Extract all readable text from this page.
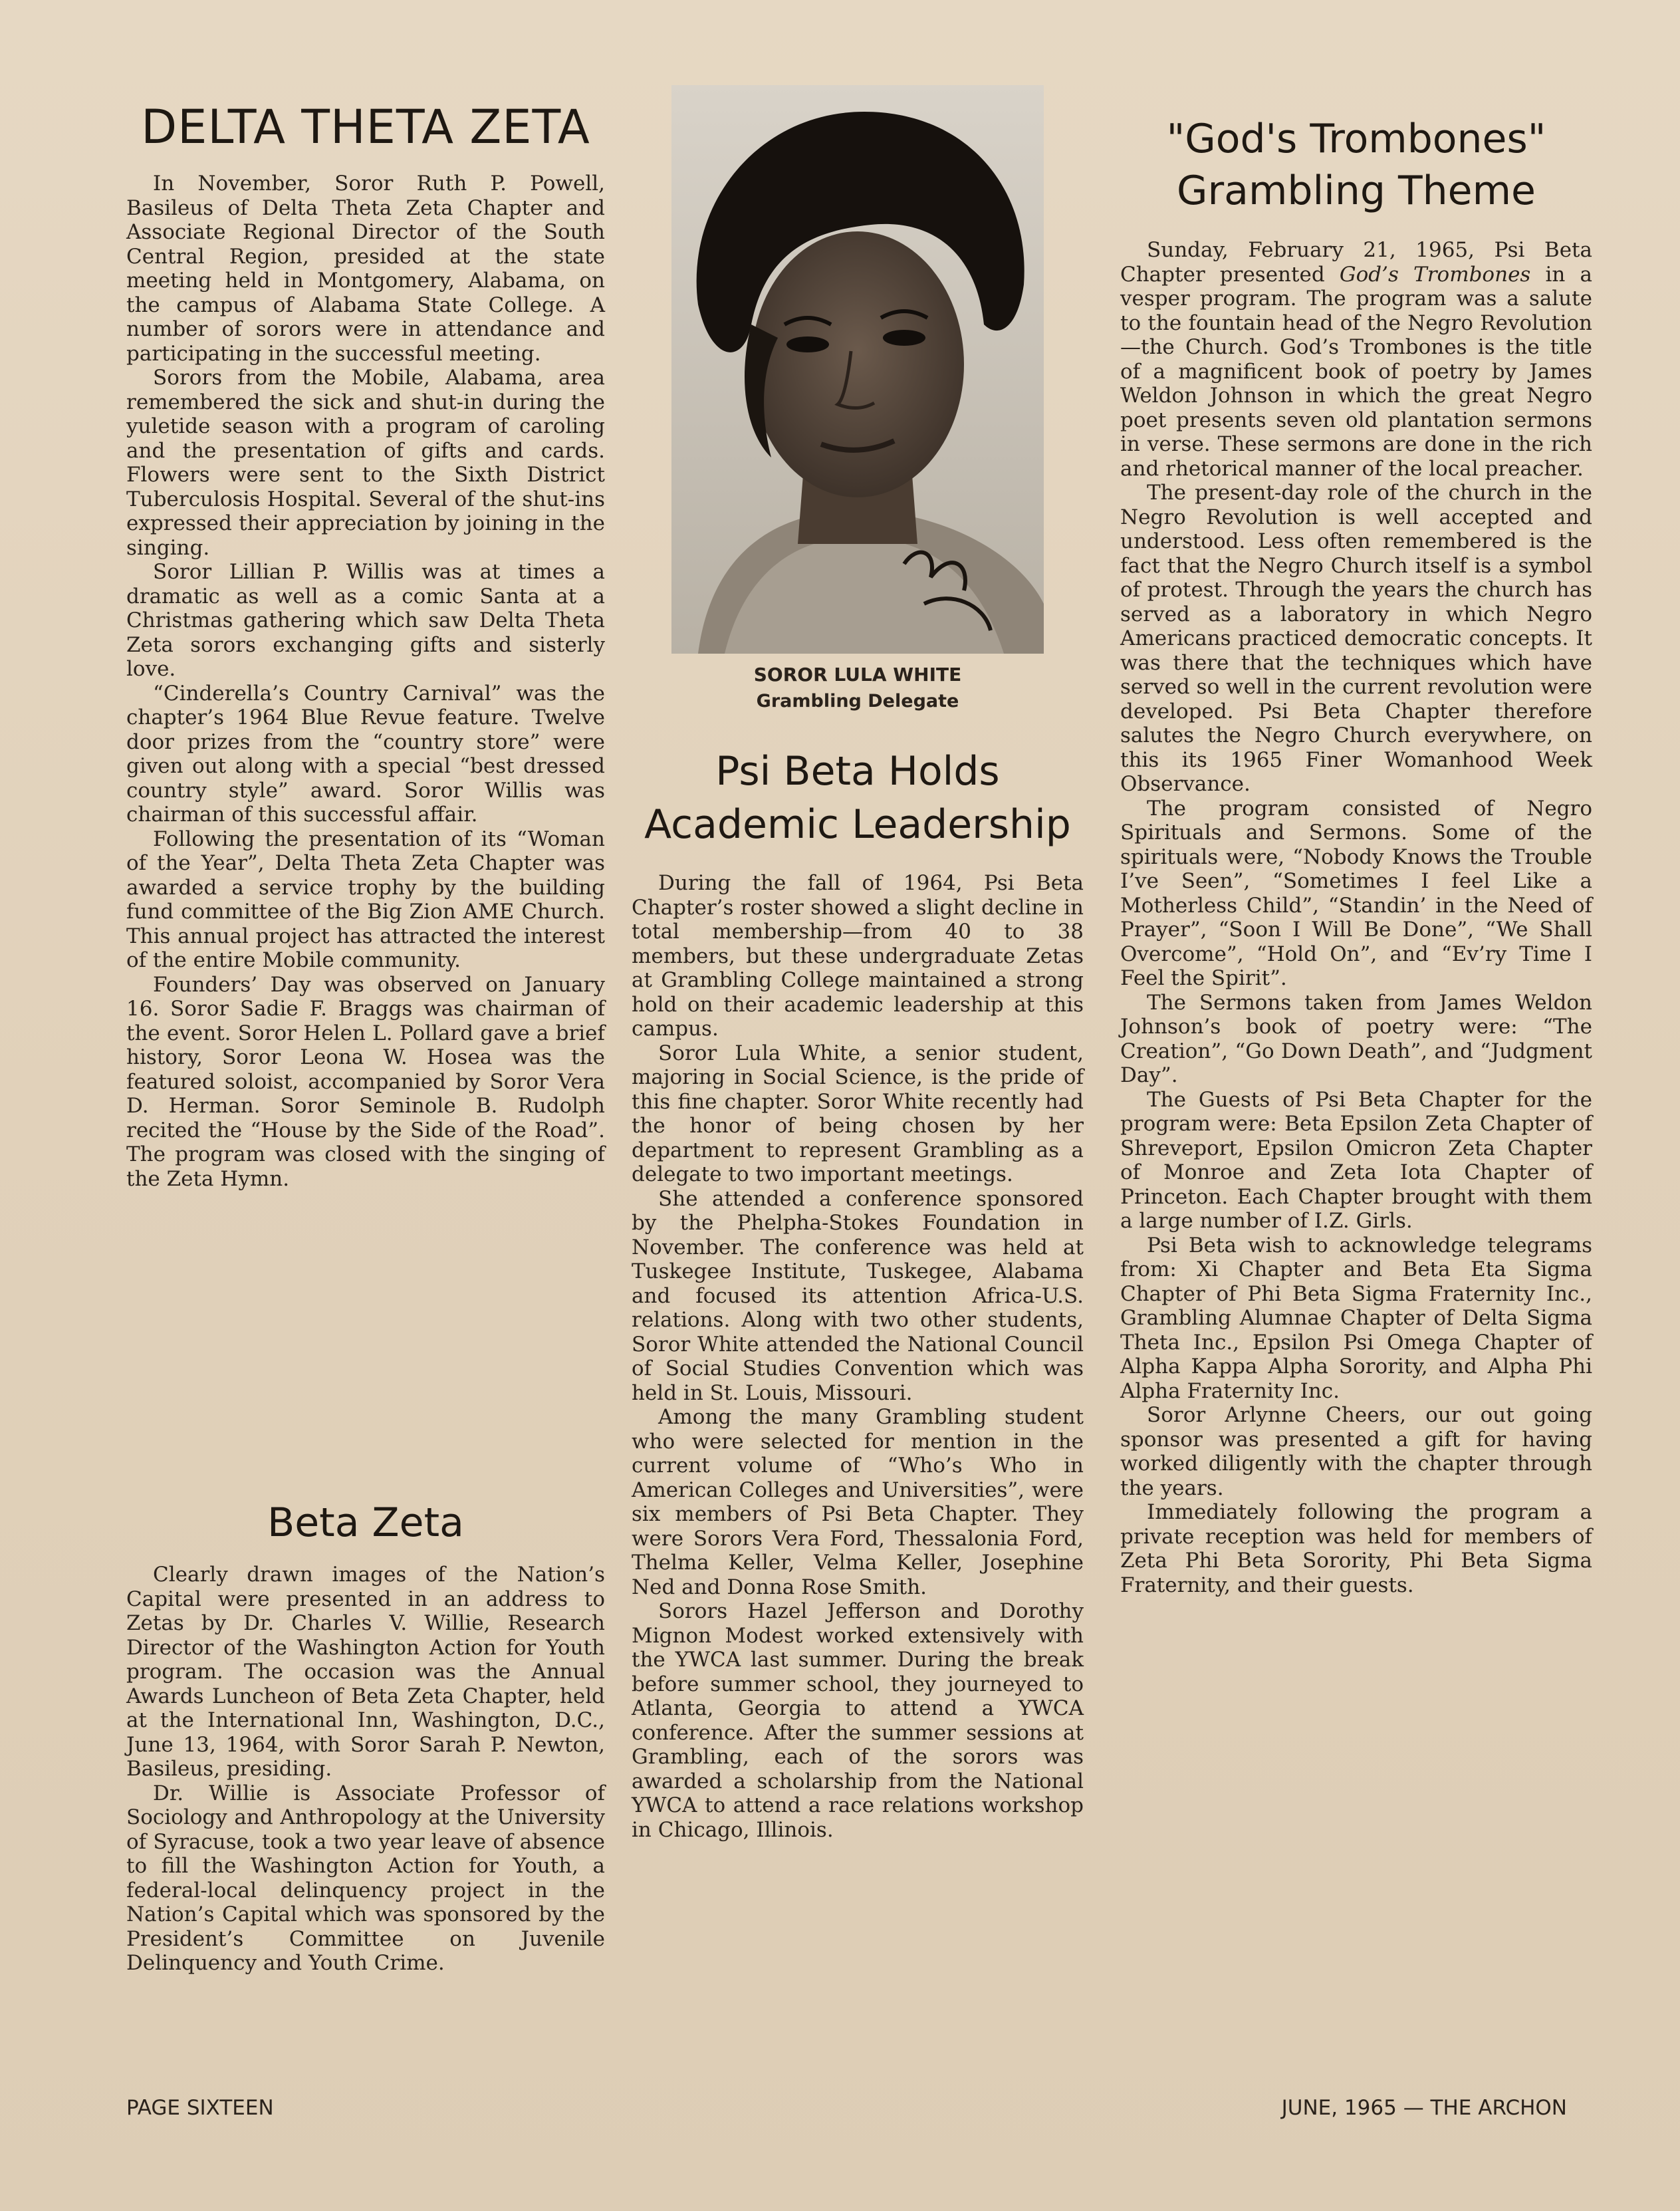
DELTA THETA ZETA

In November, Soror Ruth P. Powell, Basileus of Delta Theta Zeta Chapter and Associate Regional Director of the South Central Region, presided at the state meeting held in Montgomery, Alabama, on the campus of Alabama State College. A number of sorors were in attendance and participating in the successful meeting.

Sorors from the Mobile, Alabama, area remembered the sick and shut-in during the yuletide season with a program of caroling and the presentation of gifts and cards. Flowers were sent to the Sixth District Tuberculosis Hospital. Several of the shut-ins expressed their appreciation by joining in the singing.

Soror Lillian P. Willis was at times a dramatic as well as a comic Santa at a Christmas gathering which saw Delta Theta Zeta sorors exchanging gifts and sisterly love.

“Cinderella’s Country Carnival” was the chapter’s 1964 Blue Revue feature. Twelve door prizes from the “country store” were given out along with a special “best dressed country style” award. Soror Willis was chairman of this successful affair.

Following the presentation of its “Woman of the Year”, Delta Theta Zeta Chapter was awarded a service trophy by the building fund committee of the Big Zion AME Church. This annual project has attracted the interest of the entire Mobile community.

Founders’ Day was observed on January 16. Soror Sadie F. Braggs was chairman of the event. Soror Helen L. Pollard gave a brief history, Soror Leona W. Hosea was the featured soloist, accompanied by Soror Vera D. Herman. Soror Seminole B. Rudolph recited the “House by the Side of the Road”. The program was closed with the singing of the Zeta Hymn.

Beta Zeta

Clearly drawn images of the Nation’s Capital were presented in an address to Zetas by Dr. Charles V. Willie, Research Director of the Washington Action for Youth program. The occasion was the Annual Awards Luncheon of Beta Zeta Chapter, held at the International Inn, Washington, D.C., June 13, 1964, with Soror Sarah P. Newton, Basileus, presiding.

Dr. Willie is Associate Professor of Sociology and Anthropology at the University of Syracuse, took a two year leave of absence to fill the Washington Action for Youth, a federal-local delinquency project in the Nation’s Capital which was sponsored by the President’s Committee on Juvenile Delinquency and Youth Crime.

SOROR LULA WHITE
Grambling Delegate
Psi Beta Holds
Academic Leadership

During the fall of 1964, Psi Beta Chapter’s roster showed a slight decline in total membership—from 40 to 38 members, but these undergraduate Zetas at Grambling College maintained a strong hold on their academic leadership at this campus.

Soror Lula White, a senior student, majoring in Social Science, is the pride of this fine chapter. Soror White recently had the honor of being chosen by her department to represent Grambling as a delegate to two important meetings.

She attended a conference sponsored by the Phelpha-Stokes Foundation in November. The conference was held at Tuskegee Institute, Tuskegee, Alabama and focused its attention Africa-U.S. relations. Along with two other students, Soror White attended the National Council of Social Studies Convention which was held in St. Louis, Missouri.

Among the many Grambling student who were selected for mention in the current volume of “Who’s Who in American Colleges and Universities”, were six members of Psi Beta Chapter. They were Sorors Vera Ford, Thessalonia Ford, Thelma Keller, Velma Keller, Josephine Ned and Donna Rose Smith.

Sorors Hazel Jefferson and Dorothy Mignon Modest worked extensively with the YWCA last summer. During the break before summer school, they journeyed to Atlanta, Georgia to attend a YWCA conference. After the summer sessions at Grambling, each of the sorors was awarded a scholarship from the National YWCA to attend a race relations workshop in Chicago, Illinois.

"God's Trombones"
Grambling Theme

Sunday, February 21, 1965, Psi Beta Chapter presented God’s Trombones in a vesper program. The program was a salute to the fountain head of the Negro Revolution—the Church. God’s Trombones is the title of a magnificent book of poetry by James Weldon Johnson in which the great Negro poet presents seven old plantation sermons in verse. These sermons are done in the rich and rhetorical manner of the local preacher.

The present-day role of the church in the Negro Revolution is well accepted and understood. Less often remembered is the fact that the Negro Church itself is a symbol of protest. Through the years the church has served as a laboratory in which Negro Americans practiced democratic concepts. It was there that the techniques which have served so well in the current revolution were developed. Psi Beta Chapter therefore salutes the Negro Church everywhere, on this its 1965 Finer Womanhood Week Observance.

The program consisted of Negro Spirituals and Sermons. Some of the spirituals were, “Nobody Knows the Trouble I’ve Seen”, “Sometimes I feel Like a Motherless Child”, “Standin’ in the Need of Prayer”, “Soon I Will Be Done”, “We Shall Overcome”, “Hold On”, and “Ev’ry Time I Feel the Spirit”.

The Sermons taken from James Weldon Johnson’s book of poetry were: “The Creation”, “Go Down Death”, and “Judgment Day”.

The Guests of Psi Beta Chapter for the program were: Beta Epsilon Zeta Chapter of Shreveport, Epsilon Omicron Zeta Chapter of Monroe and Zeta Iota Chapter of Princeton. Each Chapter brought with them a large number of I.Z. Girls.

Psi Beta wish to acknowledge telegrams from: Xi Chapter and Beta Eta Sigma Chapter of Phi Beta Sigma Fraternity Inc., Grambling Alumnae Chapter of Delta Sigma Theta Inc., Epsilon Psi Omega Chapter of Alpha Kappa Alpha Sorority, and Alpha Phi Alpha Fraternity Inc.

Soror Arlynne Cheers, our out going sponsor was presented a gift for having worked diligently with the chapter through the years.

Immediately following the program a private reception was held for members of Zeta Phi Beta Sorority, Phi Beta Sigma Fraternity, and their guests.

PAGE SIXTEEN	JUNE, 1965 — THE ARCHON
